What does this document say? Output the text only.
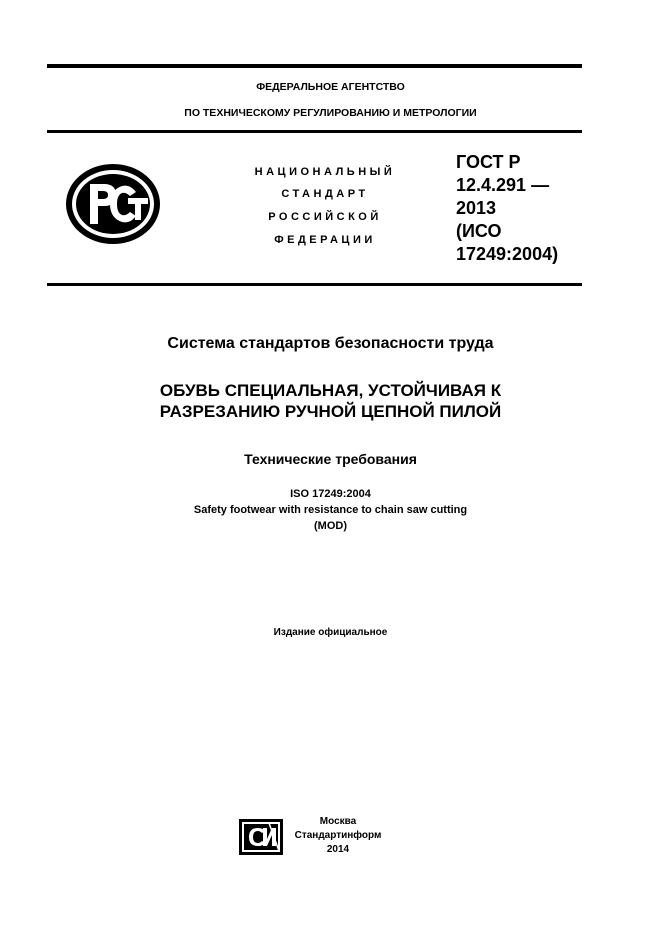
ФЕДЕРАЛЬНОЕ АГЕНТСТВО
ПО ТЕХНИЧЕСКОМУ РЕГУЛИРОВАНИЮ И МЕТРОЛОГИИ
НАЦИОНАЛЬНЫЙ
СТАНДАРТ
РОССИЙСКОЙ
ФЕДЕРАЦИИ
ГОСТ Р
12.4.291 —
2013
(ИСО
17249:2004)
Система стандартов безопасности труда
ОБУВЬ СПЕЦИАЛЬНАЯ, УСТОЙЧИВАЯ К
РАЗРЕЗАНИЮ РУЧНОЙ ЦЕПНОЙ ПИЛОЙ
Технические требования
ISO 17249:2004
Safety footwear with resistance to chain saw cutting
(MOD)
Издание официальное
Москва
Стандартинформ
2014
